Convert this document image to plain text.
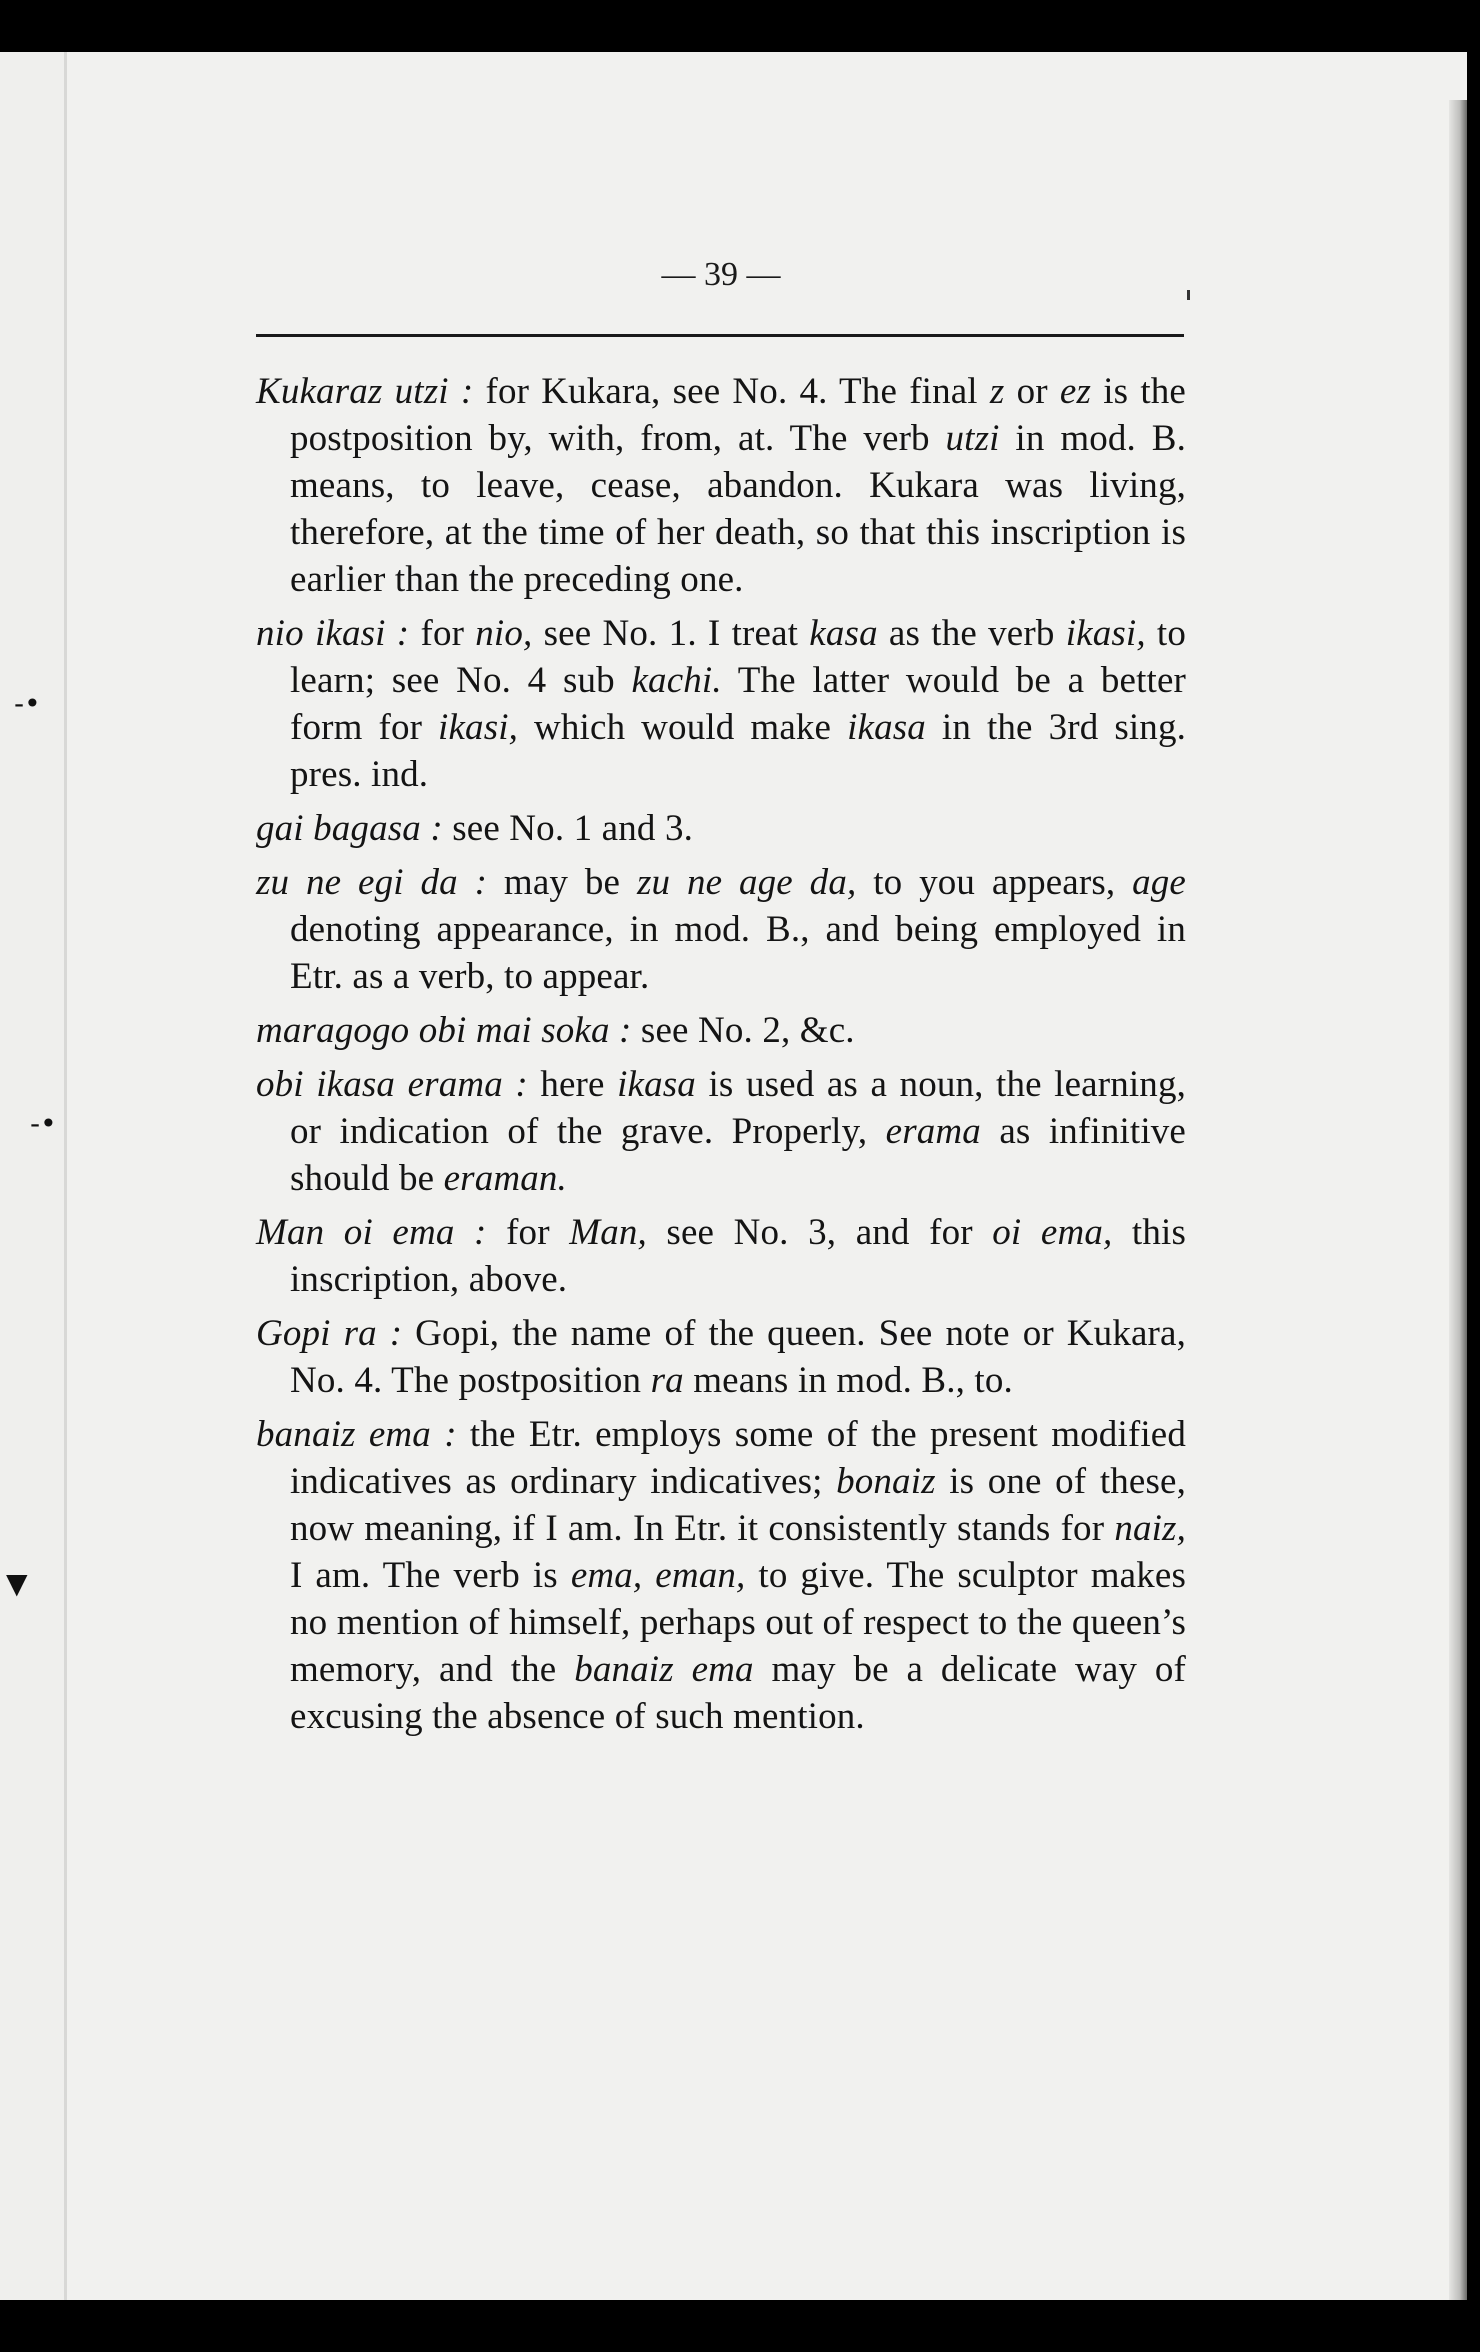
‑•
‑•
▼
— 39 —

Kukaraz utzi : for Kukara, see No. 4. The final z or ez is the postposition by, with, from, at. The verb utzi in mod. B. means, to leave, cease, abandon. Kukara was living, therefore, at the time of her death, so that this inscription is earlier than the preceding one.

nio ikasi : for nio, see No. 1. I treat kasa as the verb ikasi, to learn; see No. 4 sub kachi. The latter would be a better form for ikasi, which would make ikasa in the 3rd sing. pres. ind.

gai bagasa : see No. 1 and 3.

zu ne egi da : may be zu ne age da, to you appears, age denoting appearance, in mod. B., and being employed in Etr. as a verb, to appear.

maragogo obi mai soka : see No. 2, &c.

obi ikasa erama : here ikasa is used as a noun, the learning, or indication of the grave. Properly, erama as infinitive should be eraman.

Man oi ema : for Man, see No. 3, and for oi ema, this inscription, above.

Gopi ra : Gopi, the name of the queen. See note or Kukara, No. 4. The postposition ra means in mod. B., to.

banaiz ema : the Etr. employs some of the present modified indicatives as ordinary indicatives; bonaiz is one of these, now meaning, if I am. In Etr. it consistently stands for naiz, I am. The verb is ema, eman, to give. The sculptor makes no mention of himself, perhaps out of respect to the queen’s memory, and the banaiz ema may be a delicate way of excusing the absence of such mention.
